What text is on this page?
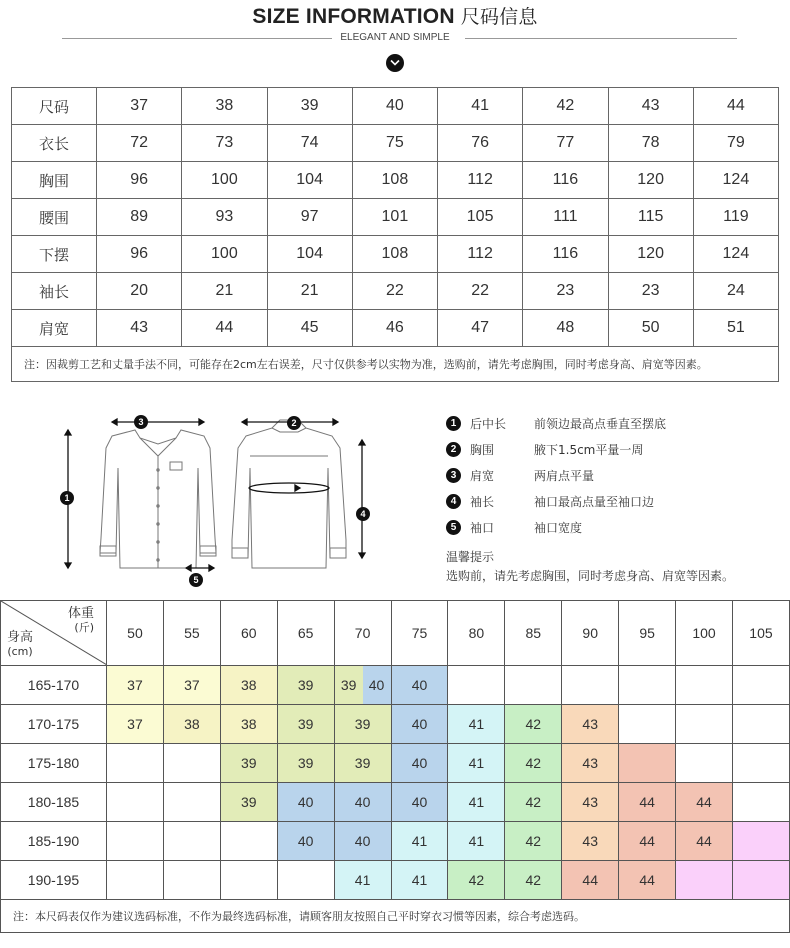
SIZE INFORMATION 尺码信息
ELEGANT AND SIMPLE
尺码	37	38	39	40	41	42	43	44
衣长	72	73	74	75	76	77	78	79
胸围	96	100	104	108	112	116	120	124
腰围	89	93	97	101	105	111	115	119
下摆	96	100	104	108	112	116	120	124
袖长	20	21	21	22	22	23	23	24
肩宽	43	44	45	46	47	48	50	51
注：因裁剪工艺和丈量手法不同，可能存在2cm左右误差，尺寸仅供参考以实物为准，选购前，请先考虑胸围，同时考虑身高、肩宽等因素。								
3
1
2
4
5
1	后中长 前领边最高点垂直至摆底
2	胸围	腋下1.5cm平量一周
3	肩宽	两肩点平量
4	袖长	袖口最高点量至袖口边
5	袖口	袖口宽度
温馨提示
选购前，请先考虑胸围，同时考虑身高、肩宽等因素。
体重
(斤)
身高
(cm)	50	55	60	65	70	75	80	85	90	95	100	105
165-170	37	37	38	39	39 40	40						
170-175	37	38	38	39	39	40	41	42	43			
175-180			39	39	39	40	41	42	43			
180-185			39	40	40	40	41	42	43	44	44	
185-190				40	40	41	41	42	43	44	44	
190-195					41	41	42	42	44	44		
注：本尺码表仅作为建议选码标准，不作为最终选码标准，请顾客朋友按照自己平时穿衣习惯等因素，综合考虑选码。												
